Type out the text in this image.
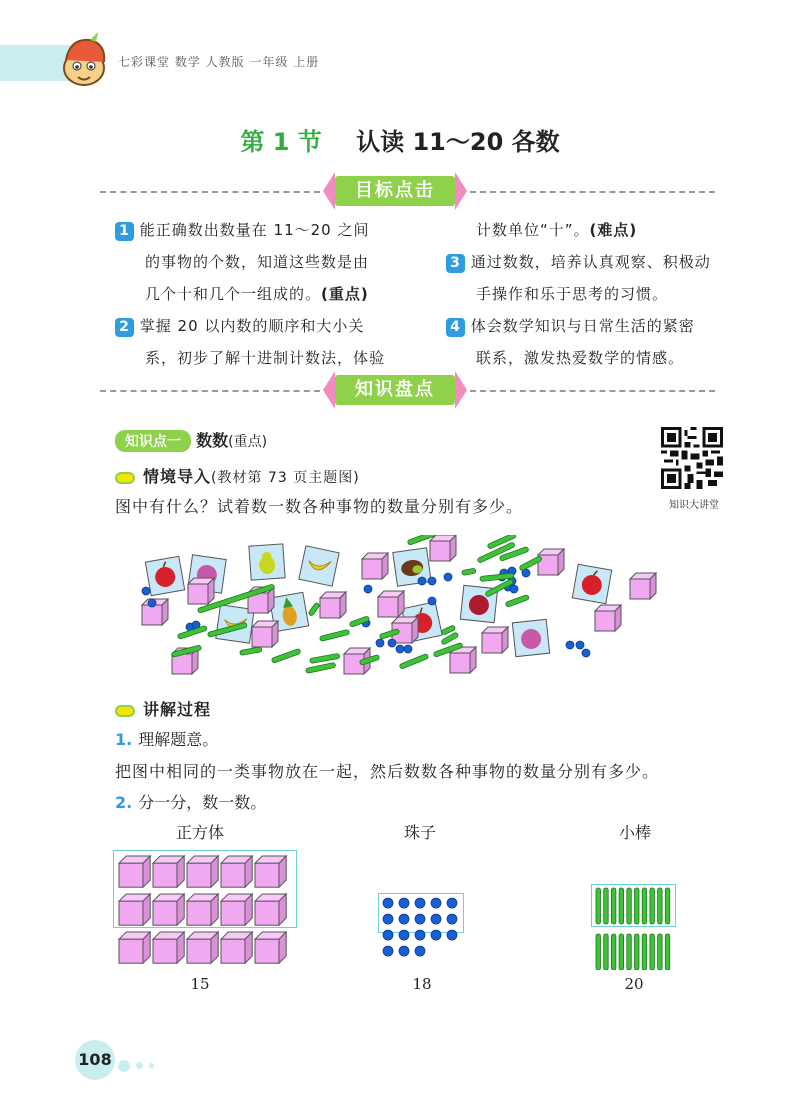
七彩课堂 数学 人教版 一年级 上册
第 1 节 认读 11～20 各数
目标点击
1 能正确数出数量在 11～20 之间
的事物的个数，知道这些数是由
几个十和几个一组成的。(重点)
2 掌握 20 以内数的顺序和大小关
系，初步了解十进制计数法，体验
计数单位“十”。(难点)
3 通过数数，培养认真观察、积极动
手操作和乐于思考的习惯。
4 体会数学知识与日常生活的紧密
联系，激发热爱数学的情感。
知识盘点
知识点一 数数(重点)
知识大讲堂
情境导入(教材第 73 页主题图)
图中有什么？试着数一数各种事物的数量分别有多少。
讲解过程
1. 理解题意。
把图中相同的一类事物放在一起，然后数数各种事物的数量分别有多少。
2. 分一分，数一数。
正方体	珠子	小棒
15	18	20
108
